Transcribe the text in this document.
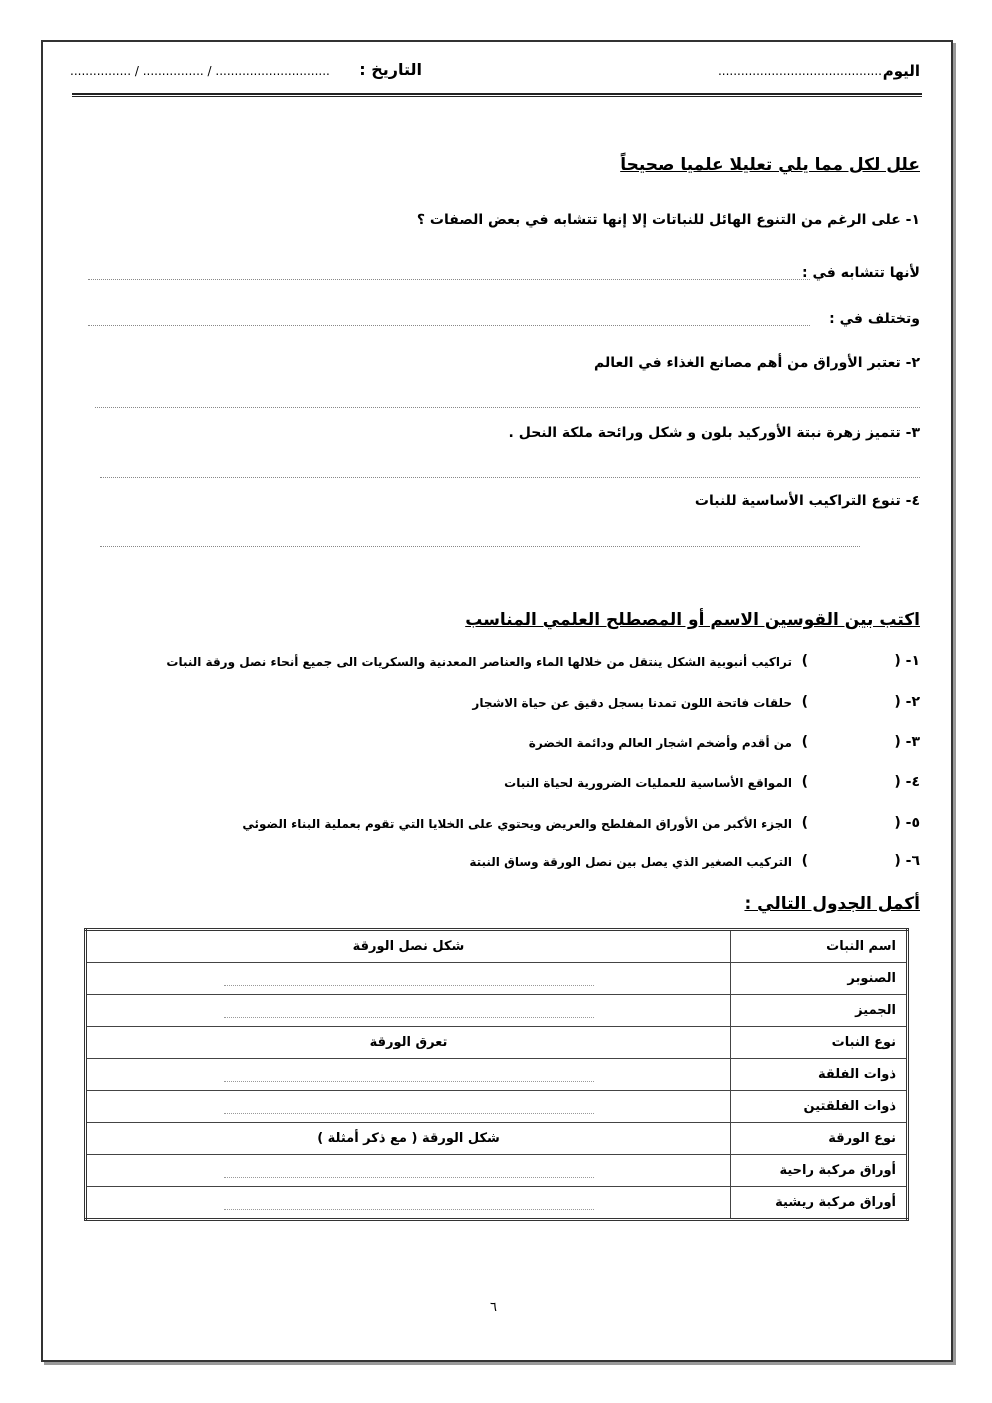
اليوم
...........................................
التاريخ :
................ / ................ / ..............................
علل لكل مما يلي تعليلا علميا صحيحاً
١- على الرغم من التنوع الهائل للنباتات إلا إنها تتشابه في بعض الصفات ؟
لأنها تتشابه في :
وتختلف في :
٢- تعتبر الأوراق من أهم مصانع الغذاء في العالم
٣- تتميز زهرة نبتة الأوركيد بلون و شكل ورائحة ملكة النحل .
٤- تنوع التراكيب الأساسية للنبات
اكتب بين القوسين الاسم أو المصطلح العلمي المناسب
١- (
)
تراكيب أنبوبية الشكل ينتقل من خلالها الماء والعناصر المعدنية والسكريات الى جميع أنحاء نصل ورقة النبات
٢- (
)
حلقات فاتحة اللون تمدنا بسجل دقيق عن حياة الاشجار
٣- (
)
من أقدم وأضخم اشجار العالم ودائمة الخضرة
٤- (
)
المواقع الأساسية للعمليات الضرورية لحياة النبات
٥- (
)
الجزء الأكبر من الأوراق المفلطح والعريض ويحتوي على الخلايا التي تقوم بعملية البناء الضوئي
٦- (
)
التركيب الصغير الذي يصل بين نصل الورقة وساق النبتة
أكمل الجدول التالي :
اسم النبات	شكل نصل الورقة
الصنوبر	

الجميز	

نوع النبات	تعرق الورقة
ذوات الفلقة	

ذوات الفلقتين	

نوع الورقة	شكل الورقة ( مع ذكر أمثلة )
أوراق مركبة راحية	

أوراق مركبة ريشية	
٦
